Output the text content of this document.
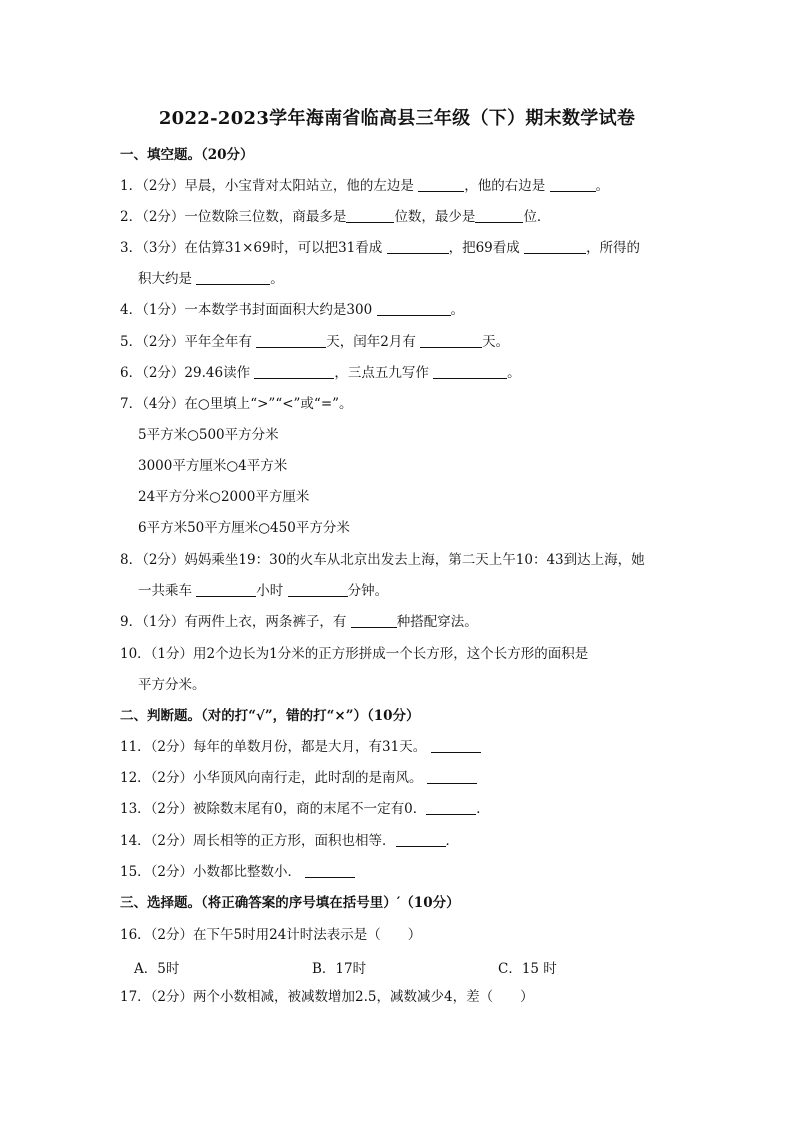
2022-2023学年海南省临高县三年级（下）期末数学试卷
一、填空题。（20分）
1．（2分）早晨，小宝背对太阳站立，他的左边是	，他的右边是	。
2．（2分）一位数除三位数，商最多是	位数，最少是	位．
3．（3分）在估算31×69时，可以把31看成	，把69看成	，所得的
积大约是	。
4．（1分）一本数学书封面面积大约是300	。
5．（2分）平年全年有	天，闰年2月有	天。
6．（2分）29.46读作	，三点五九写作	。
7．（4分）在○里填上“>”“<”或“=”。
5平方米○500平方分米
3000平方厘米○4平方米
24平方分米○2000平方厘米
6平方米50平方厘米○450平方分米
8．（2分）妈妈乘坐19：30的火车从北京出发去上海，第二天上午10：43到达上海，她
一共乘车	小时	分钟。
9．（1分）有两件上衣，两条裤子，有	种搭配穿法。
10．（1分）用2个边长为1分米的正方形拼成一个长方形，这个长方形的面积是
平方分米。
二、判断题。（对的打“√”，错的打“×”）（10分）
11．（2分）每年的单数月份，都是大月，有31天。
12．（2分）小华顶风向南行走，此时刮的是南风。
13．（2分）被除数末尾有0，商的末尾不一定有0．	．
14．（2分）周长相等的正方形，面积也相等．	．
15．（2分）小数都比整数小．
三、选择题。（将正确答案的序号填在括号里）′（10分）
16．（2分）在下午5时用24计时法表示是（　　）
A．5时	B．17时	C．15 时
17．（2分）两个小数相减，被减数增加2.5，减数减少4，差（　　）
